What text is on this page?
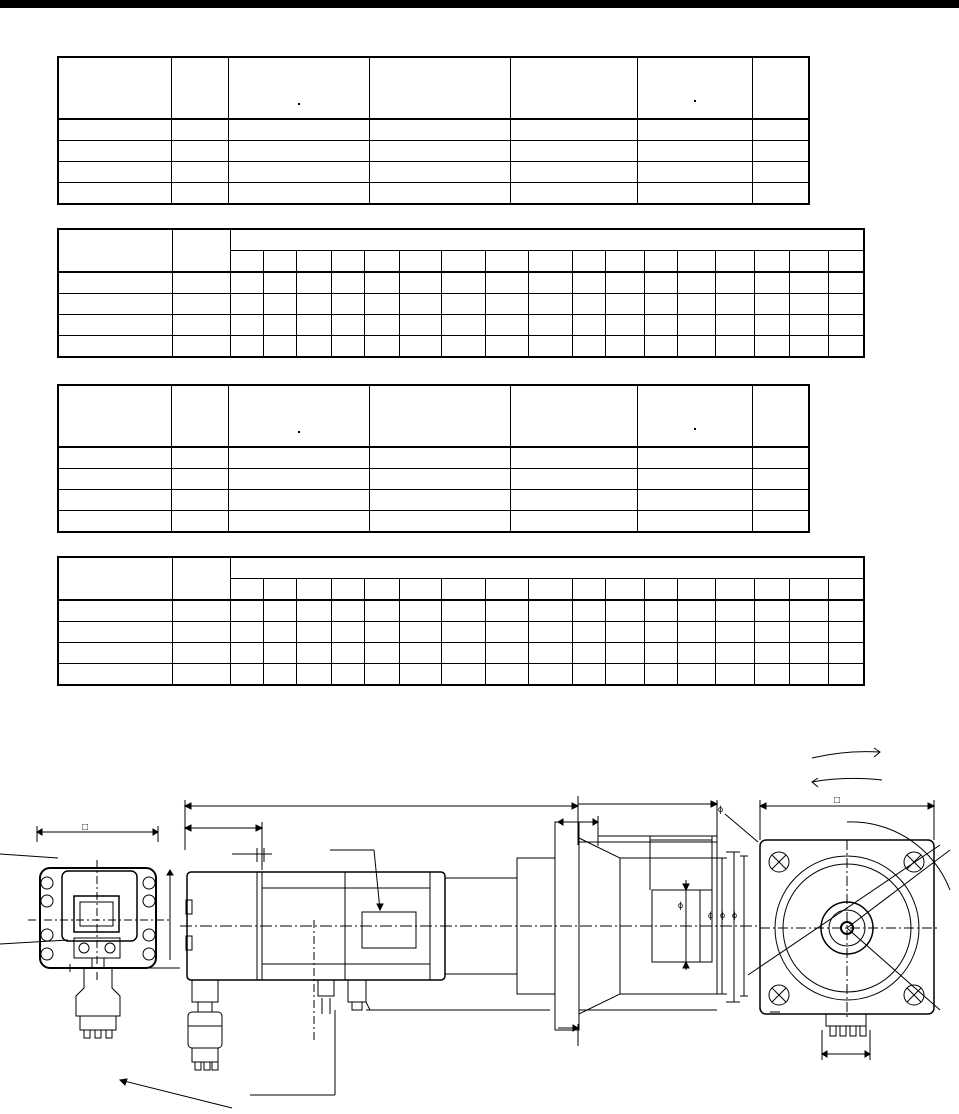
□
ϕ
ϕ ϕ ϕ
□
ϕ
